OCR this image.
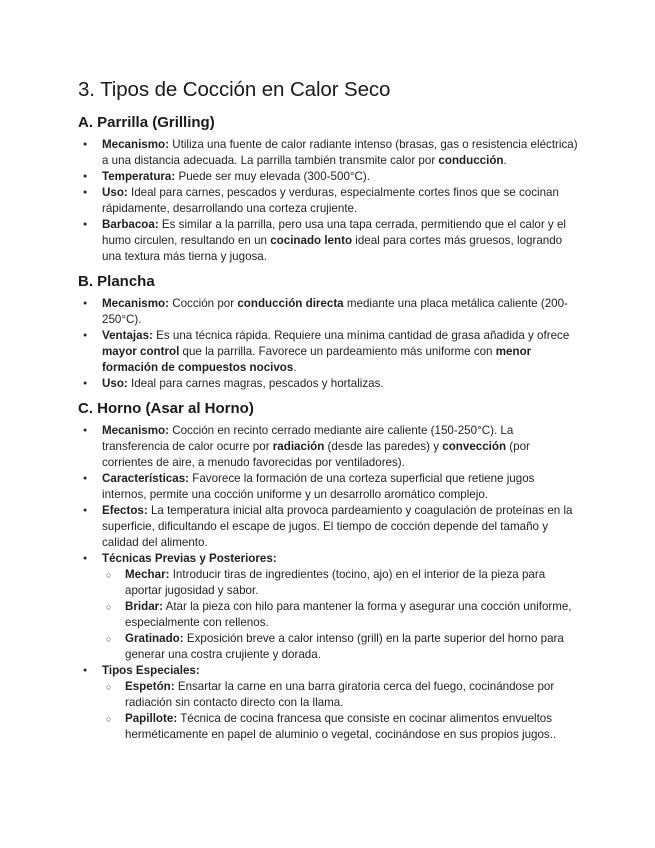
3. Tipos de Cocción en Calor Seco
A. Parrilla (Grilling)
● Mecanismo: Utiliza una fuente de calor radiante intenso (brasas, gas o resistencia eléctrica) a una distancia adecuada. La parrilla también transmite calor por conducción.
● Temperatura: Puede ser muy elevada (300-500°C).
● Uso: Ideal para carnes, pescados y verduras, especialmente cortes finos que se cocinan rápidamente, desarrollando una corteza crujiente.
● Barbacoa: Es similar a la parrilla, pero usa una tapa cerrada, permitiendo que el calor y el humo circulen, resultando en un cocinado lento ideal para cortes más gruesos, logrando una textura más tierna y jugosa.
B. Plancha
● Mecanismo: Cocción por conducción directa mediante una placa metálica caliente (200-250°C).
● Ventajas: Es una técnica rápida. Requiere una mínima cantidad de grasa añadida y ofrece mayor control que la parrilla. Favorece un pardeamiento más uniforme con menor formación de compuestos nocivos.
● Uso: Ideal para carnes magras, pescados y hortalizas.
C. Horno (Asar al Horno)
● Mecanismo: Cocción en recinto cerrado mediante aire caliente (150-250°C). La transferencia de calor ocurre por radiación (desde las paredes) y convección (por corrientes de aire, a menudo favorecidas por ventiladores).
● Características: Favorece la formación de una corteza superficial que retiene jugos internos, permite una cocción uniforme y un desarrollo aromático complejo.
● Efectos: La temperatura inicial alta provoca pardeamiento y coagulación de proteínas en la superficie, dificultando el escape de jugos. El tiempo de cocción depende del tamaño y calidad del alimento.
● Técnicas Previas y Posteriores:
○ Mechar: Introducir tiras de ingredientes (tocino, ajo) en el interior de la pieza para aportar jugosidad y sabor.
○ Bridar: Atar la pieza con hilo para mantener la forma y asegurar una cocción uniforme, especialmente con rellenos.
○ Gratinado: Exposición breve a calor intenso (grill) en la parte superior del horno para generar una costra crujiente y dorada.
● Tipos Especiales:
○ Espetón: Ensartar la carne en una barra giratoria cerca del fuego, cocinándose por radiación sin contacto directo con la llama.
○ Papillote: Técnica de cocina francesa que consiste en cocinar alimentos envueltos herméticamente en papel de aluminio o vegetal, cocinándose en sus propios jugos..
